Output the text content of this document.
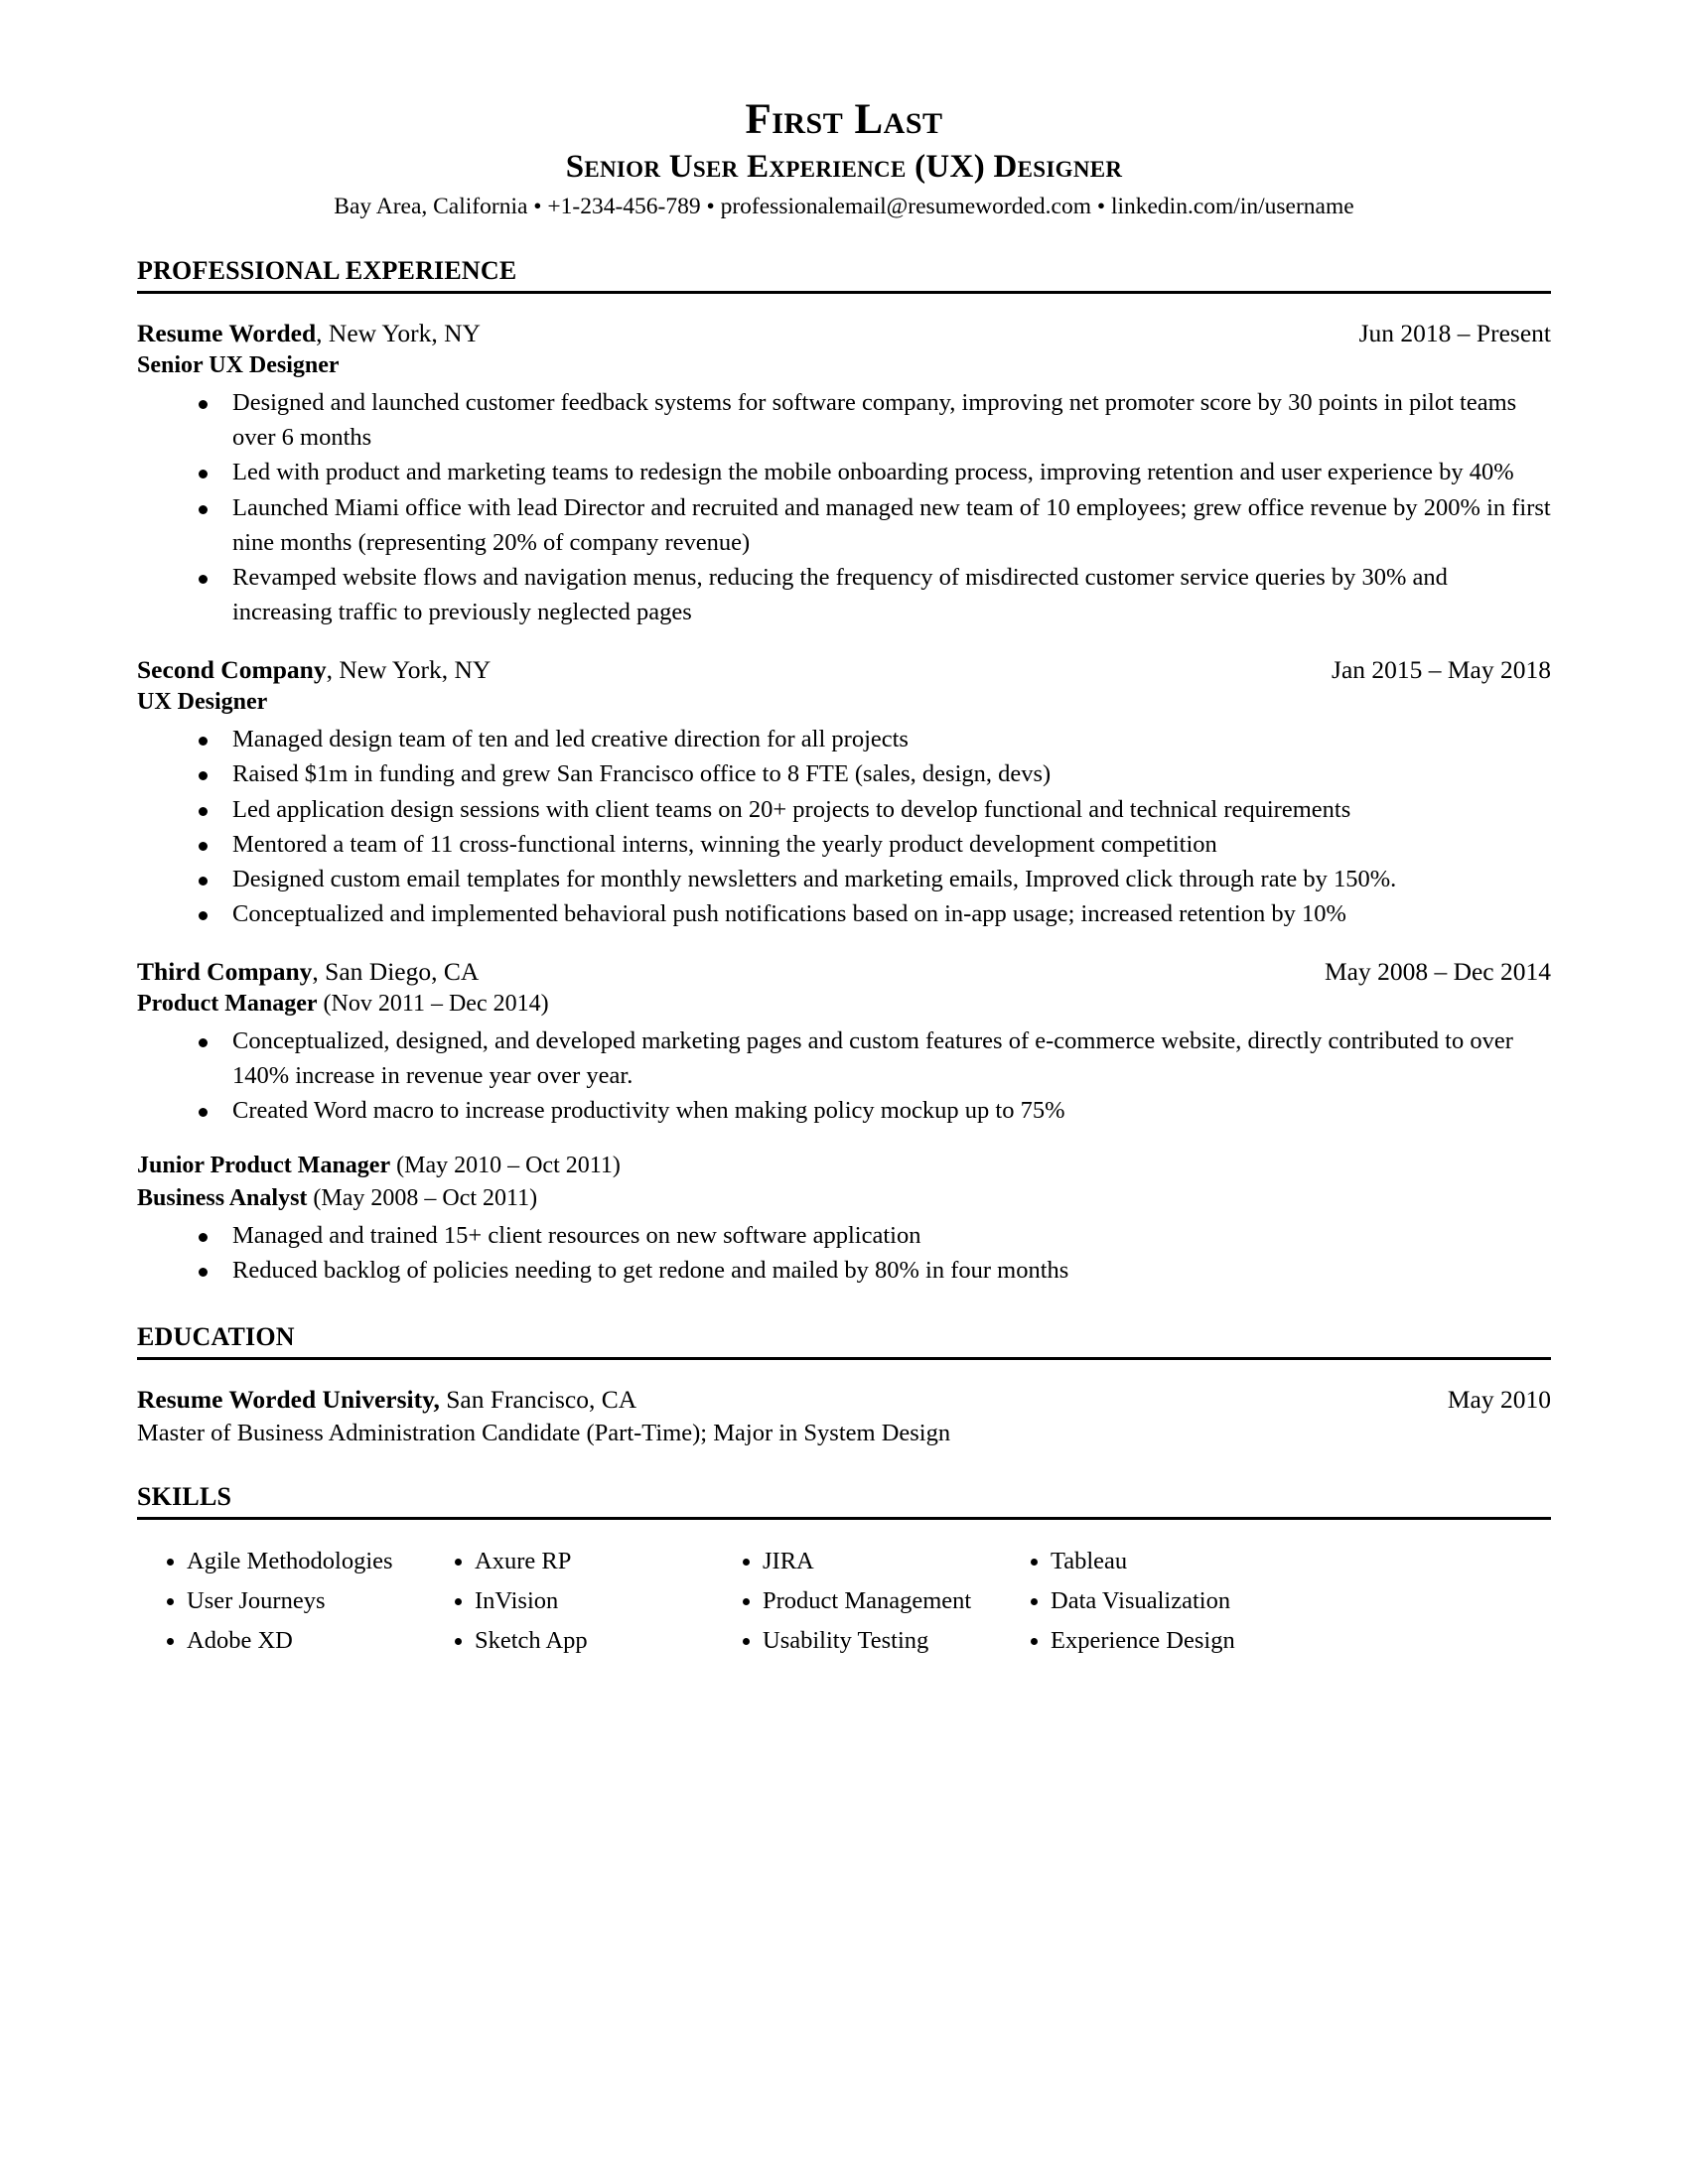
First Last
Senior User Experience (UX) Designer
Bay Area, California • +1-234-456-789 • professionalemail@resumeworded.com • linkedin.com/in/username
PROFESSIONAL EXPERIENCE
Resume Worded, New York, NY	Jun 2018 – Present
Senior UX Designer
Designed and launched customer feedback systems for software company, improving net promoter score by 30 points in pilot teams over 6 months
Led with product and marketing teams to redesign the mobile onboarding process, improving retention and user experience by 40%
Launched Miami office with lead Director and recruited and managed new team of 10 employees; grew office revenue by 200% in first nine months (representing 20% of company revenue)
Revamped website flows and navigation menus, reducing the frequency of misdirected customer service queries by 30% and increasing traffic to previously neglected pages
Second Company, New York, NY	Jan 2015 – May 2018
UX Designer
Managed design team of ten and led creative direction for all projects
Raised $1m in funding and grew San Francisco office to 8 FTE (sales, design, devs)
Led application design sessions with client teams on 20+ projects to develop functional and technical requirements
Mentored a team of 11 cross-functional interns, winning the yearly product development competition
Designed custom email templates for monthly newsletters and marketing emails, Improved click through rate by 150%.
Conceptualized and implemented behavioral push notifications based on in-app usage; increased retention by 10%
Third Company, San Diego, CA	May 2008 – Dec 2014
Product Manager (Nov 2011 – Dec 2014)
Conceptualized, designed, and developed marketing pages and custom features of e-commerce website, directly contributed to over 140% increase in revenue year over year.
Created Word macro to increase productivity when making policy mockup up to 75%
Junior Product Manager (May 2010 – Oct 2011)
Business Analyst (May 2008 – Oct 2011)
Managed and trained 15+ client resources on new software application
Reduced backlog of policies needing to get redone and mailed by 80% in four months
EDUCATION
Resume Worded University, San Francisco, CA	May 2010
Master of Business Administration Candidate (Part-Time); Major in System Design
SKILLS
Agile Methodologies	Axure RP	JIRA	Tableau
User Journeys	InVision	Product Management	Data Visualization
Adobe XD	Sketch App	Usability Testing	Experience Design
